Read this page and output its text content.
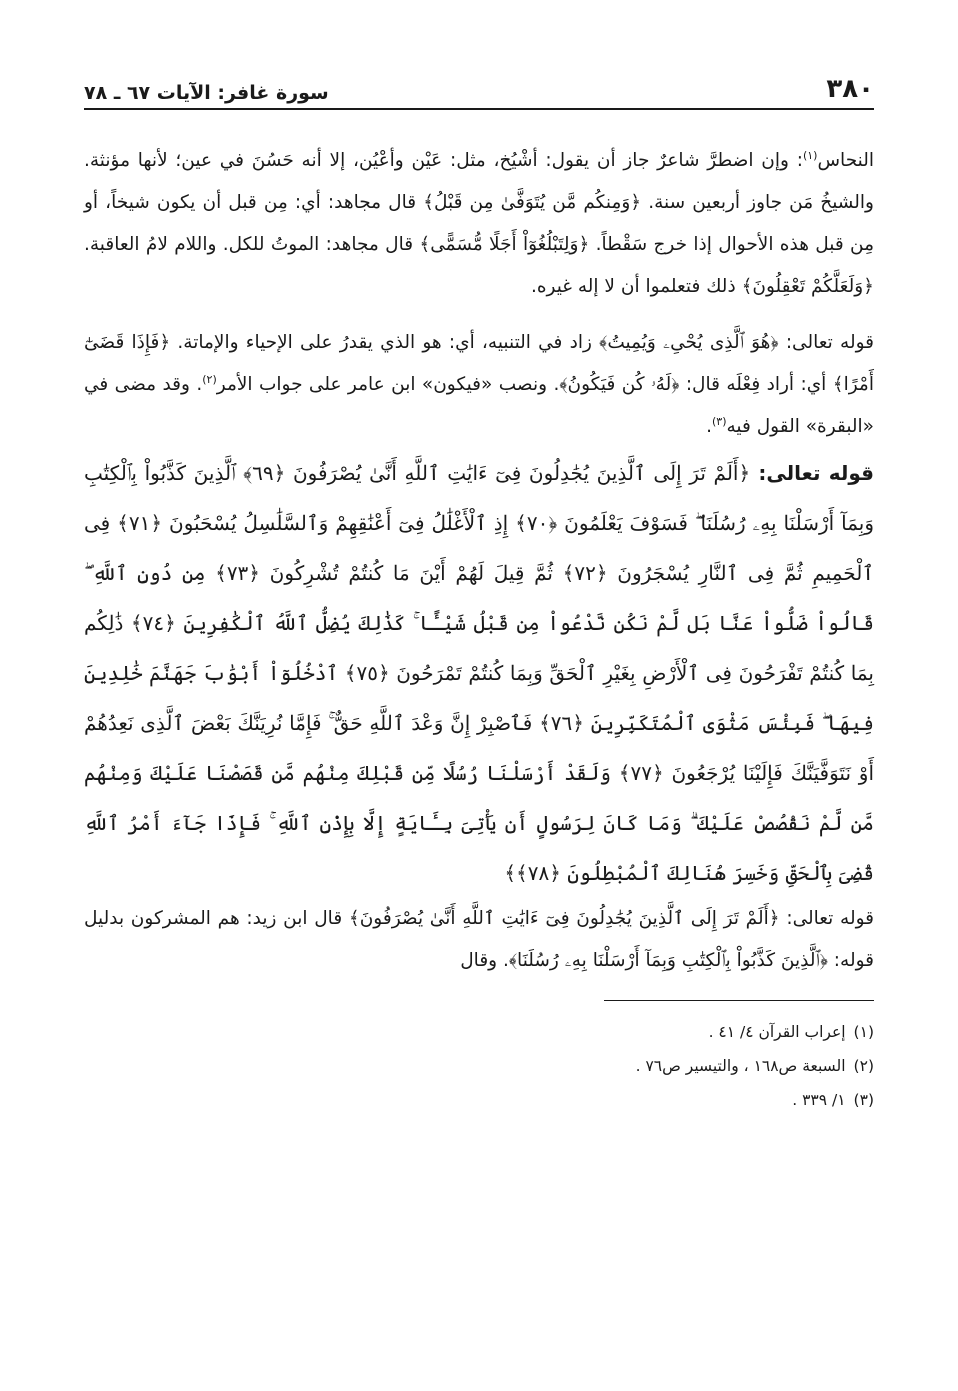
٣٨٠
سورة غافر: الآيات ٦٧ ـ ٧٨

النحاس$^{(١)}$: وإن اضطرَّ شاعرٌ جاز أن يقول: أشْيُخ، مثل: عَيْن وأعْيُن، إلا أنه حَسُنَ في عين؛ لأنها مؤنثة. والشيخُ مَن جاوز أربعين سنة. ﴿وَمِنكُم مَّن يُتَوَفَّىٰ مِن قَبْلُ﴾ قال مجاهد: أي: مِن قبل أن يكون شيخاً، أو مِن قبل هذه الأحوال إذا خرج سَقْطاً. ﴿وَلِتَبْلُغُوٓاْ أَجَلًا مُّسَمًّى﴾ قال مجاهد: الموتُ للكل. واللام لامُ العاقبة. ﴿وَلَعَلَّكُمْ تَعْقِلُونَ﴾ ذلك فتعلموا أن لا إله غيره.

قوله تعالى: ﴿هُوَ ٱلَّذِى يُحْىِۦ وَيُمِيتُ﴾ زاد في التنبيه، أي: هو الذي يقدرُ على الإحياء والإماتة. ﴿فَإِذَا قَضَىٰٓ أَمْرًا﴾ أي: أراد فِعْلَه قال: ﴿لَهُۥ كُن فَيَكُونُ﴾. ونصب «فيكون» ابن عامر على جواب الأمر$^{(٢)}$. وقد مضى في «البقرة» القول فيه$^{(٣)}$.

قوله تعالى: ﴿أَلَمْ تَرَ إِلَى ٱلَّذِينَ يُجَٰدِلُونَ فِىٓ ءَايَٰتِ ٱللَّهِ أَنَّىٰ يُصْرَفُونَ ﴿٦٩﴾ ٱلَّذِينَ كَذَّبُواْ بِٱلْكِتَٰبِ وَبِمَآ أَرْسَلْنَا بِهِۦ رُسُلَنَا ۖ فَسَوْفَ يَعْلَمُونَ ﴿٧٠﴾ إِذِ ٱلْأَغْلَٰلُ فِىٓ أَعْنَٰقِهِمْ وَٱلسَّلَٰسِلُ يُسْحَبُونَ ﴿٧١﴾ فِى ٱلْحَمِيمِ ثُمَّ فِى ٱلنَّارِ يُسْجَرُونَ ﴿٧٢﴾ ثُمَّ قِيلَ لَهُمْ أَيْنَ مَا كُنتُمْ تُشْرِكُونَ ﴿٧٣﴾ مِن دُونِ ٱللَّهِ ۖ قَالُواْ ضَلُّواْ عَنَّا بَل لَّمْ نَكُن نَّدْعُواْ مِن قَبْلُ شَيْـًٔا ۚ كَذَٰلِكَ يُضِلُّ ٱللَّهُ ٱلْكَٰفِرِينَ ﴿٧٤﴾ ذَٰلِكُم بِمَا كُنتُمْ تَفْرَحُونَ فِى ٱلْأَرْضِ بِغَيْرِ ٱلْحَقِّ وَبِمَا كُنتُمْ تَمْرَحُونَ ﴿٧٥﴾ ٱدْخُلُوٓاْ أَبْوَٰبَ جَهَنَّمَ خَٰلِدِينَ فِيهَا ۖ فَبِئْسَ مَثْوَى ٱلْمُتَكَبِّرِينَ ﴿٧٦﴾ فَٱصْبِرْ إِنَّ وَعْدَ ٱللَّهِ حَقٌّ ۚ فَإِمَّا نُرِيَنَّكَ بَعْضَ ٱلَّذِى نَعِدُهُمْ أَوْ نَتَوَفَّيَنَّكَ فَإِلَيْنَا يُرْجَعُونَ ﴿٧٧﴾ وَلَقَدْ أَرْسَلْنَا رُسُلًا مِّن قَبْلِكَ مِنْهُم مَّن قَصَصْنَا عَلَيْكَ وَمِنْهُم مَّن لَّمْ نَقْصُصْ عَلَيْكَ ۗ وَمَا كَانَ لِرَسُولٍ أَن يَأْتِىَ بِـَٔايَةٍ إِلَّا بِإِذْنِ ٱللَّهِ ۚ فَإِذَا جَآءَ أَمْرُ ٱللَّهِ قُضِىَ بِٱلْحَقِّ وَخَسِرَ هُنَالِكَ ٱلْمُبْطِلُونَ ﴿٧٨﴾﴾

قوله تعالى: ﴿أَلَمْ تَرَ إِلَى ٱلَّذِينَ يُجَٰدِلُونَ فِىٓ ءَايَٰتِ ٱللَّهِ أَنَّىٰ يُصْرَفُونَ﴾ قال ابن زيد: هم المشركون بدليل قوله: ﴿ٱلَّذِينَ كَذَّبُواْ بِٱلْكِتَٰبِ وَبِمَآ أَرْسَلْنَا بِهِۦ رُسُلَنَا﴾. وقال

(١)إعراب القرآن ٤/ ٤١ .
(٢)السبعة ص١٦٨ ، والتيسير ص٧٦ .
(٣)١/ ٣٣٩ .
